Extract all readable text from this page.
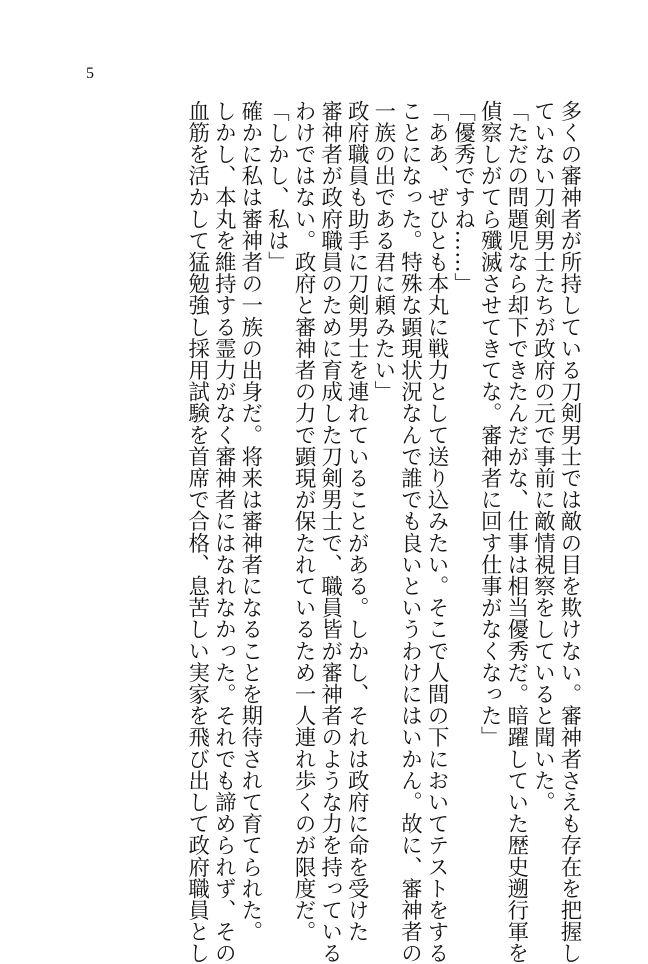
5
多くの審神者が所持している刀剣男士では敵の目を欺けない。審神者さえも存在を把握し
ていない刀剣男士たちが政府の元で事前に敵情視察をしていると聞いた。
「ただの問題児なら却下できたんだがな、仕事は相当優秀だ。暗躍していた歴史遡行軍を
偵察しがてら殲滅させてきてな。審神者に回す仕事がなくなった」
「優秀ですね……」
「ああ、ぜひとも本丸に戦力として送り込みたい。そこで人間の下においてテストをする
ことになった。特殊な顕現状況なんで誰でも良いというわけにはいかん。故に、審神者の
一族の出である君に頼みたい」
政府職員も助手に刀剣男士を連れていることがある。しかし、それは政府に命を受けた
審神者が政府職員のために育成した刀剣男士で、職員皆が審神者のような力を持っている
わけではない。政府と審神者の力で顕現が保たれているため一人連れ歩くのが限度だ。
「しかし、私は」
確かに私は審神者の一族の出身だ。将来は審神者になることを期待されて育てられた。
しかし、本丸を維持する霊力がなく審神者にはなれなかった。それでも諦められず、その
血筋を活かして猛勉強し採用試験を首席で合格、息苦しい実家を飛び出して政府職員とし
